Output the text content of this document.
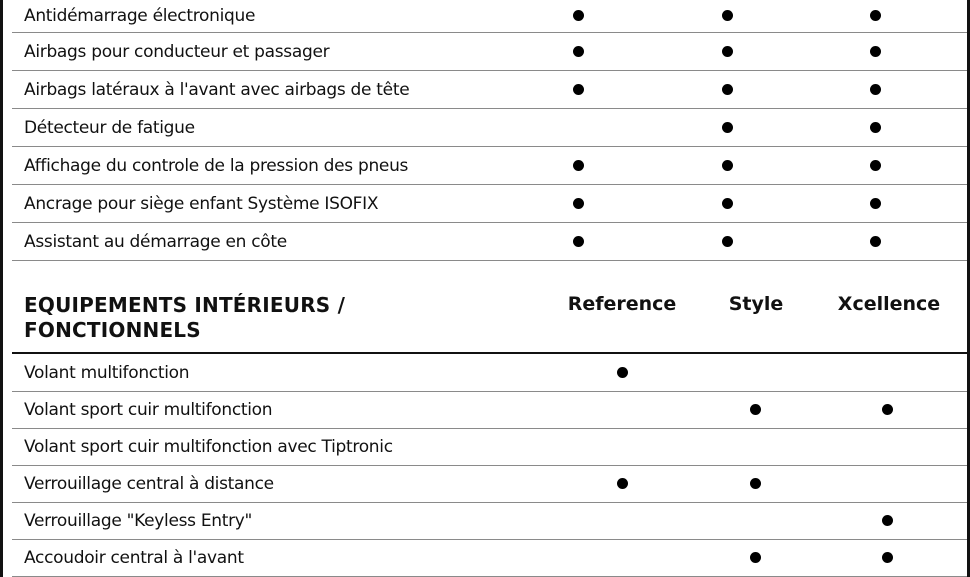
Antidémarrage électronique
Airbags pour conducteur et passager
Airbags latéraux à l'avant avec airbags de tête
Détecteur de fatigue
Affichage du controle de la pression des pneus
Ancrage pour siège enfant Système ISOFIX
Assistant au démarrage en côte
EQUIPEMENTS INTÉRIEURS /
FONCTIONNELS
Reference	Style	Xcellence
Volant multifonction
Volant sport cuir multifonction
Volant sport cuir multifonction avec Tiptronic
Verrouillage central à distance
Verrouillage "Keyless Entry"
Accoudoir central à l'avant
